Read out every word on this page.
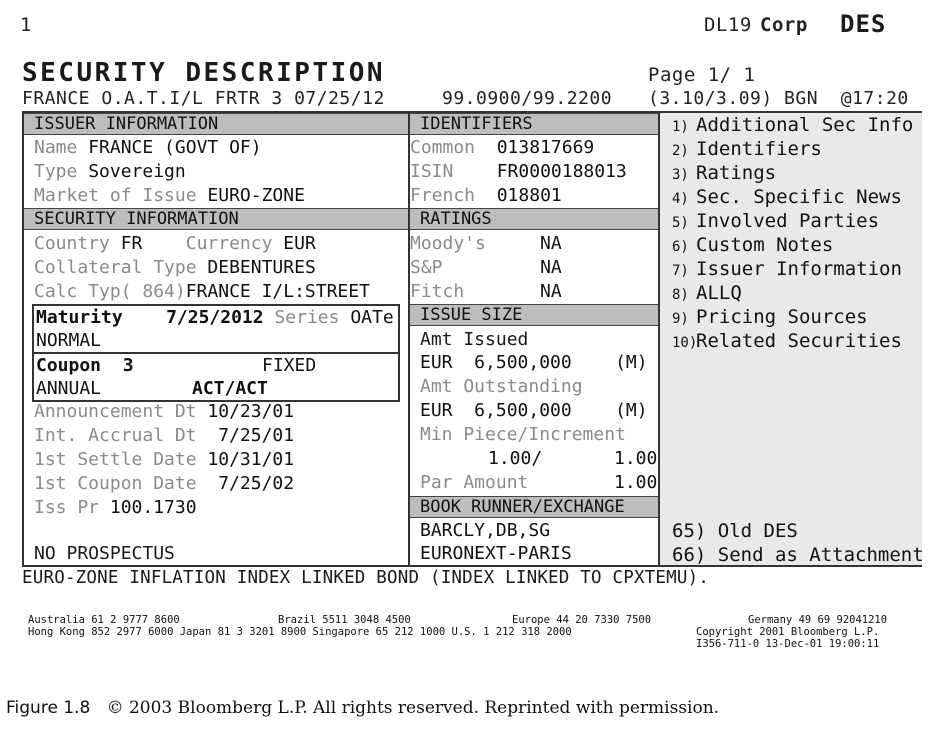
1	DL19 Corp DES
SECURITY DESCRIPTION	Page 1/ 1
FRANCE O.A.T.I/L FRTR 3 07/25/12	99.0900/99.2200 (3.10/3.09) BGN  @17:20
ISSUER INFORMATION
Name FRANCE (GOVT OF)
Type Sovereign
Market of Issue EURO-ZONE
SECURITY INFORMATION
Country FR Currency EUR
Collateral Type DEBENTURES
Calc Typ( 864)FRANCE I/L:STREET
Maturity 7/25/2012 Series OATe
NORMAL
Coupon 3	FIXED
ANNUAL	ACT/ACT
Announcement Dt 10/23/01
Int. Accrual Dt 7/25/01
1st Settle Date 10/31/01
1st Coupon Date 7/25/02
Iss Pr 100.1730
NO PROSPECTUS
IDENTIFIERS
Common 013817669
ISIN FR0000188013
French 018801
RATINGS
Moody's	NA
S&P	NA
Fitch	NA
ISSUE SIZE
Amt Issued
EUR  6,500,000 (M)
Amt Outstanding
EUR  6,500,000 (M)
Min Piece/Increment
1.00/	1.00
Par Amount	1.00
BOOK RUNNER/EXCHANGE
BARCLY,DB,SG
EURONEXT-PARIS
1) Additional Sec Info
2) Identifiers
3) Ratings
4) Sec. Specific News
5) Involved Parties
6) Custom Notes
7) Issuer Information
8) ALLQ
9) Pricing Sources
10)Related Securities
65) Old DES
66) Send as Attachment
EURO-ZONE INFLATION INDEX LINKED BOND (INDEX LINKED TO CPXTEMU).
Australia 61 2 9777 8600	Brazil 5511 3048 4500	Europe 44 20 7330 7500	Germany 49 69 92041210
Hong Kong 852 2977 6000 Japan 81 3 3201 8900 Singapore 65 212 1000 U.S. 1 212 318 2000	Copyright 2001 Bloomberg L.P.
I356-711-0 13-Dec-01 19:00:11
Figure 1.8 © 2003 Bloomberg L.P. All rights reserved. Reprinted with permission.
